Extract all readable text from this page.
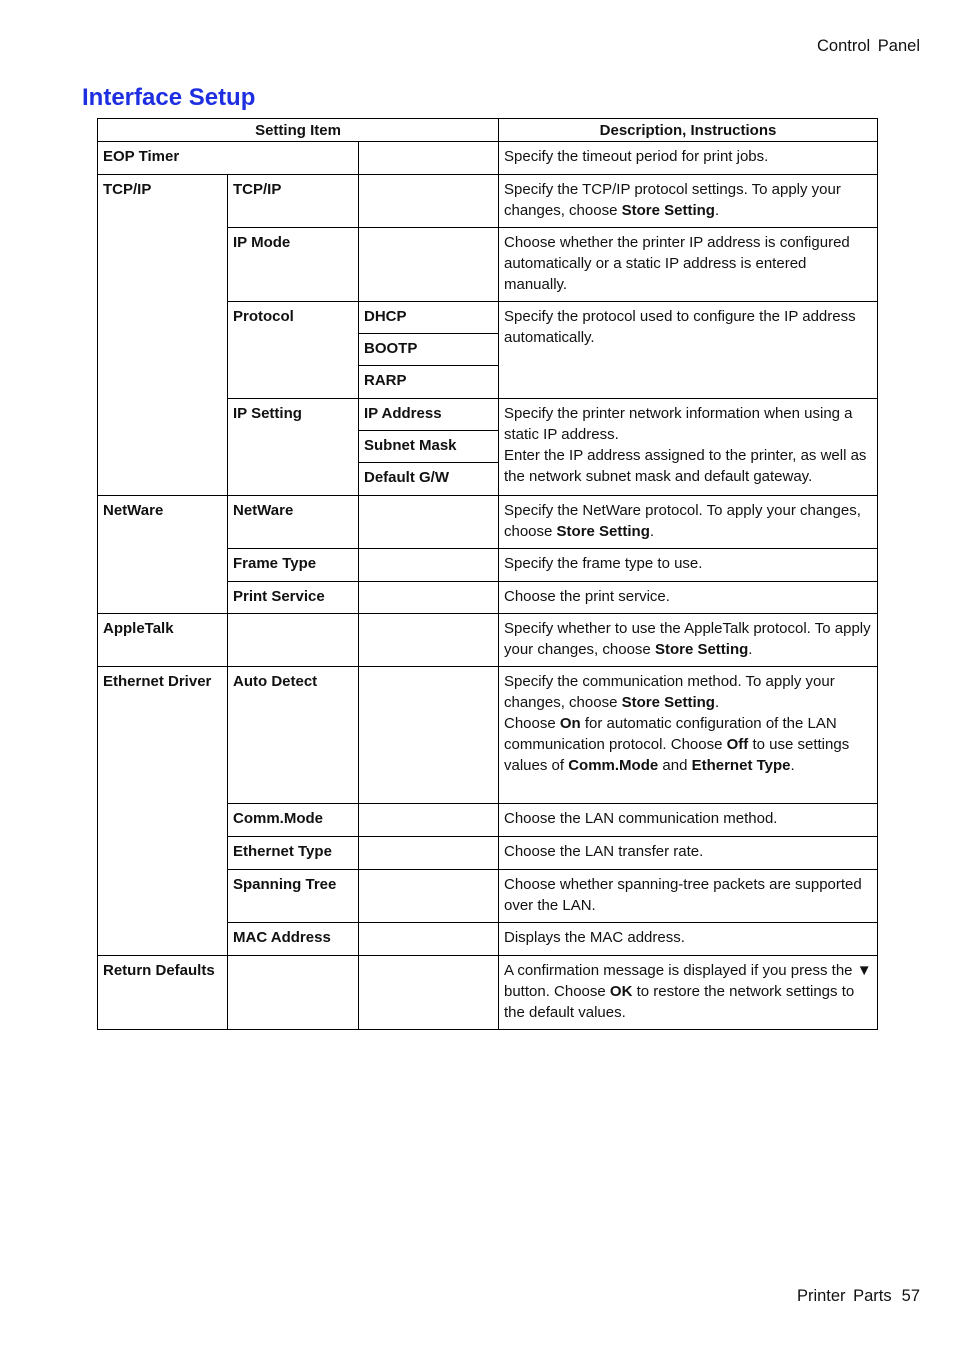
Control Panel
Interface Setup
Setting Item			Description, Instructions
EOP Timer			Specify the timeout period for print jobs.
TCP/IP	TCP/IP		Specify the TCP/IP protocol settings. To apply your changes, choose Store Setting.
	IP Mode		Choose whether the printer IP address is configured automatically or a static IP address is entered manually.
	Protocol	DHCP	Specify the protocol used to configure the IP address automatically.
		BOOTP	
		RARP	
	IP Setting	IP Address	Specify the printer network information when using a static IP address.
Enter the IP address assigned to the printer, as well as the network subnet mask and default gateway.

		Subnet Mask	
		Default G/W	

NetWare	NetWare		Specify the NetWare protocol. To apply your changes, choose Store Setting.
	Frame Type		Specify the frame type to use.
	Print Service		Choose the print service.
AppleTalk			Specify whether to use the AppleTalk protocol. To apply your changes, choose Store Setting.
Ethernet Driver	Auto Detect		Specify the communication method. To apply your changes, choose Store Setting.
Choose On for automatic configuration of the LAN communication protocol. Choose Off to use settings values of Comm.Mode and Ethernet Type.

	Comm.Mode		Choose the LAN communication method.
	Ethernet Type		Choose the LAN transfer rate.
	Spanning Tree		Choose whether spanning-tree packets are supported over the LAN.
	MAC Address		Displays the MAC address.
Return Defaults			A confirmation message is displayed if you press the ▼ button. Choose OK to restore the network settings to the default values.
Printer Parts 57
